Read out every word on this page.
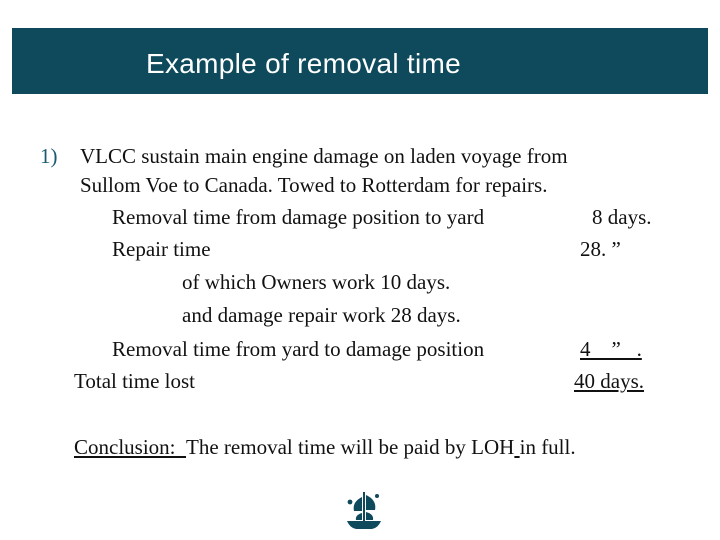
Example of removal time
1) VLCC sustain main engine damage on laden voyage from
Sullom Voe to Canada. Towed to Rotterdam for repairs.
Removal time from damage position to yard	8 days.
Repair time	28. ”
of which Owners work 10 days.
and damage repair work 28 days.
Removal time from yard to damage position	4    ”   .
Total time lost	40 days.
Conclusion: The removal time will be paid by LOH in full.
